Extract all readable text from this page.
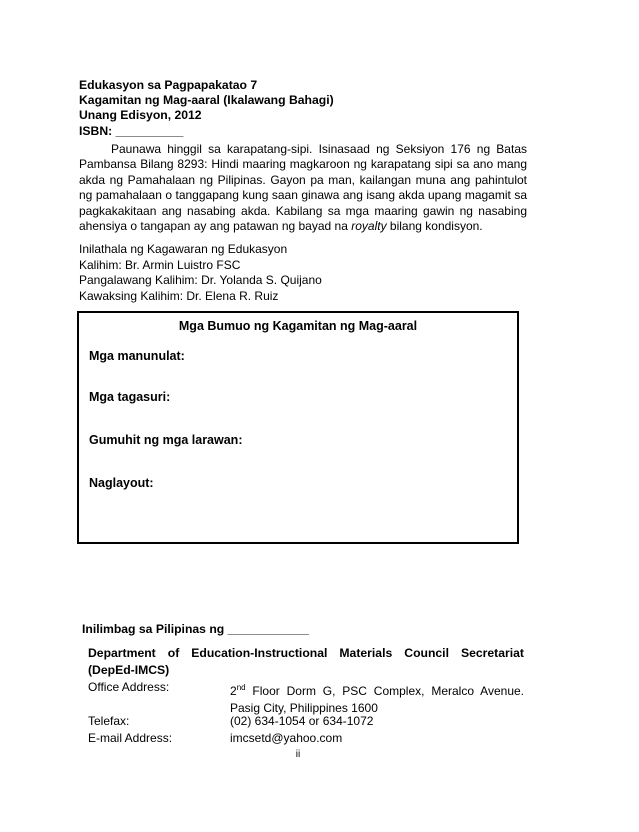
Edukasyon sa Pagpapakatao 7
Kagamitan ng Mag-aaral (Ikalawang Bahagi)
Unang Edisyon, 2012
ISBN: __________
Paunawa hinggil sa karapatang-sipi. Isinasaad ng Seksiyon 176 ng Batas Pambansa Bilang 8293: Hindi maaring magkaroon ng karapatang sipi sa ano mang akda ng Pamahalaan ng Pilipinas. Gayon pa man, kailangan muna ang pahintulot ng pamahalaan o tanggapang kung saan ginawa ang isang akda upang magamit sa pagkakakitaan ang nasabing akda. Kabilang sa mga maaring gawin ng nasabing ahensiya o tangapan ay ang patawan ng bayad na royalty bilang kondisyon.
Inilathala ng Kagawaran ng Edukasyon
Kalihim: Br. Armin Luistro FSC
Pangalawang Kalihim: Dr. Yolanda S. Quijano
Kawaksing Kalihim: Dr. Elena R. Ruiz
Mga Bumuo ng Kagamitan ng Mag-aaral
Mga manunulat:
Mga tagasuri:
Gumuhit ng mga larawan:
Naglayout:
Inilimbag sa Pilipinas ng ____________
Department of Education-Instructional Materials Council Secretariat (DepEd-IMCS)
Office Address:	2nd Floor Dorm G, PSC Complex, Meralco Avenue. Pasig City, Philippines 1600
Telefax:	(02) 634-1054 or 634-1072
E-mail Address:	imcsetd@yahoo.com
ii
